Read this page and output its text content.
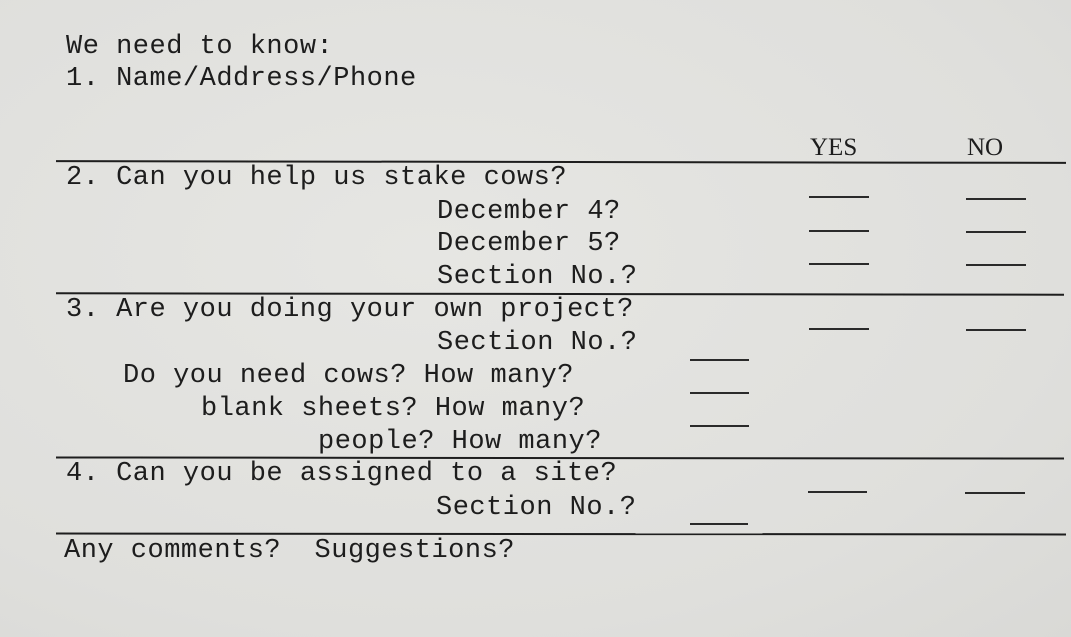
We need to know:
1. Name/Address/Phone
YES	NO
2. Can you help us stake cows?
December 4?
December 5?
Section No.?
3. Are you doing your own project?
Section No.?
Do you need cows? How many?
blank sheets? How many?
people? How many?
4. Can you be assigned to a site?
Section No.?
Any comments?  Suggestions?
